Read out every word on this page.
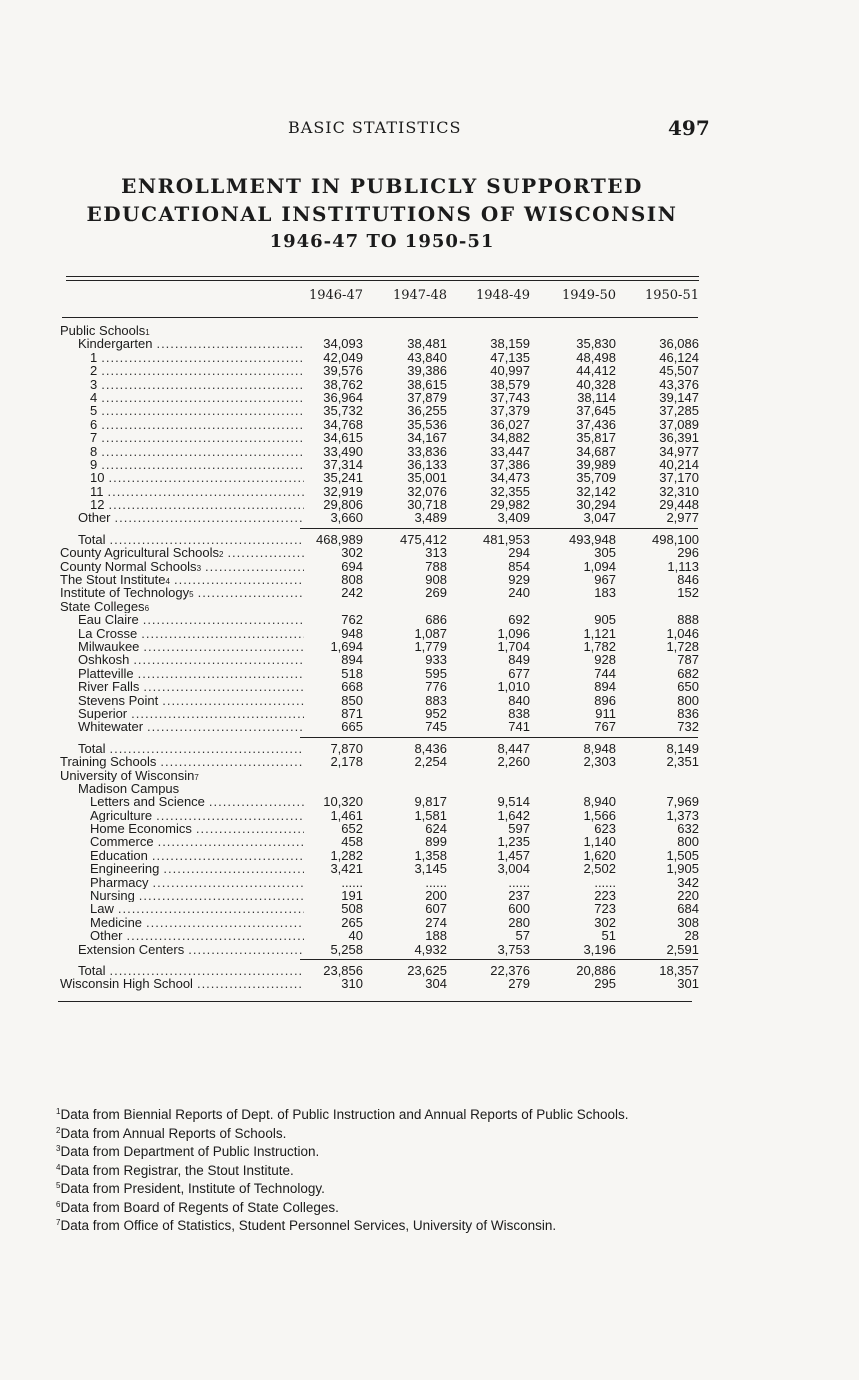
BASIC STATISTICS	497
ENROLLMENT IN PUBLICLY SUPPORTED
EDUCATIONAL INSTITUTIONS OF WISCONSIN
1946-47 TO 1950-51
1946-47	1947-48	1948-49	1949-50	1950-51
Public Schools 1
Kindergarten .....	34,093	38,481	38,159	35,830	36,086
1 .....	42,049	43,840	47,135	48,498	46,124
2 .....	39,576	39,386	40,997	44,412	45,507
3 .....	38,762	38,615	38,579	40,328	43,376
4 .....	36,964	37,879	37,743	38,114	39,147
5 .....	35,732	36,255	37,379	37,645	37,285
6 .....	34,768	35,536	36,027	37,436	37,089
7 .....	34,615	34,167	34,882	35,817	36,391
8 .....	33,490	33,836	33,447	34,687	34,977
9 .....	37,314	36,133	37,386	39,989	40,214
10 .....	35,241	35,001	34,473	35,709	37,170
11 .....	32,919	32,076	32,355	32,142	32,310
12 .....	29,806	30,718	29,982	30,294	29,448
Other .....	3,660	3,489	3,409	3,047	2,977
Total .....	468,989	475,412	481,953	493,948	498,100
County Agricultural Schools 2 .....	302	313	294	305	296
County Normal Schools 3 .....	694	788	854	1,094	1,113
The Stout Institute 4 .....	808	908	929	967	846
Institute of Technology 5 .....	242	269	240	183	152
State Colleges 6
Eau Claire .....	762	686	692	905	888
La Crosse .....	948	1,087	1,096	1,121	1,046
Milwaukee .....	1,694	1,779	1,704	1,782	1,728
Oshkosh .....	894	933	849	928	787
Platteville .....	518	595	677	744	682
River Falls .....	668	776	1,010	894	650
Stevens Point .....	850	883	840	896	800
Superior .....	871	952	838	911	836
Whitewater .....	665	745	741	767	732
Total .....	7,870	8,436	8,447	8,948	8,149
Training Schools .....	2,178	2,254	2,260	2,303	2,351
University of Wisconsin 7
Madison Campus
Letters and Science .....	10,320	9,817	9,514	8,940	7,969
Agriculture .....	1,461	1,581	1,642	1,566	1,373
Home Economics .....	652	624	597	623	632
Commerce .....	458	899	1,235	1,140	800
Education .....	1,282	1,358	1,457	1,620	1,505
Engineering .....	3,421	3,145	3,004	2,502	1,905
Pharmacy .....	......	......	......	......	342
Nursing .....	191	200	237	223	220
Law .....	508	607	600	723	684
Medicine .....	265	274	280	302	308
Other .....	40	188	57	51	28
Extension Centers .....	5,258	4,932	3,753	3,196	2,591
Total .....	23,856	23,625	22,376	20,886	18,357
Wisconsin High School .....	310	304	279	295	301
$^1$Data from Biennial Reports of Dept. of Public Instruction and Annual Reports of Public Schools.
$^2$Data from Annual Reports of Schools.
$^3$Data from Department of Public Instruction.
$^4$Data from Registrar, the Stout Institute.
$^5$Data from President, Institute of Technology.
$^6$Data from Board of Regents of State Colleges.
$^7$Data from Office of Statistics, Student Personnel Services, University of Wisconsin.
